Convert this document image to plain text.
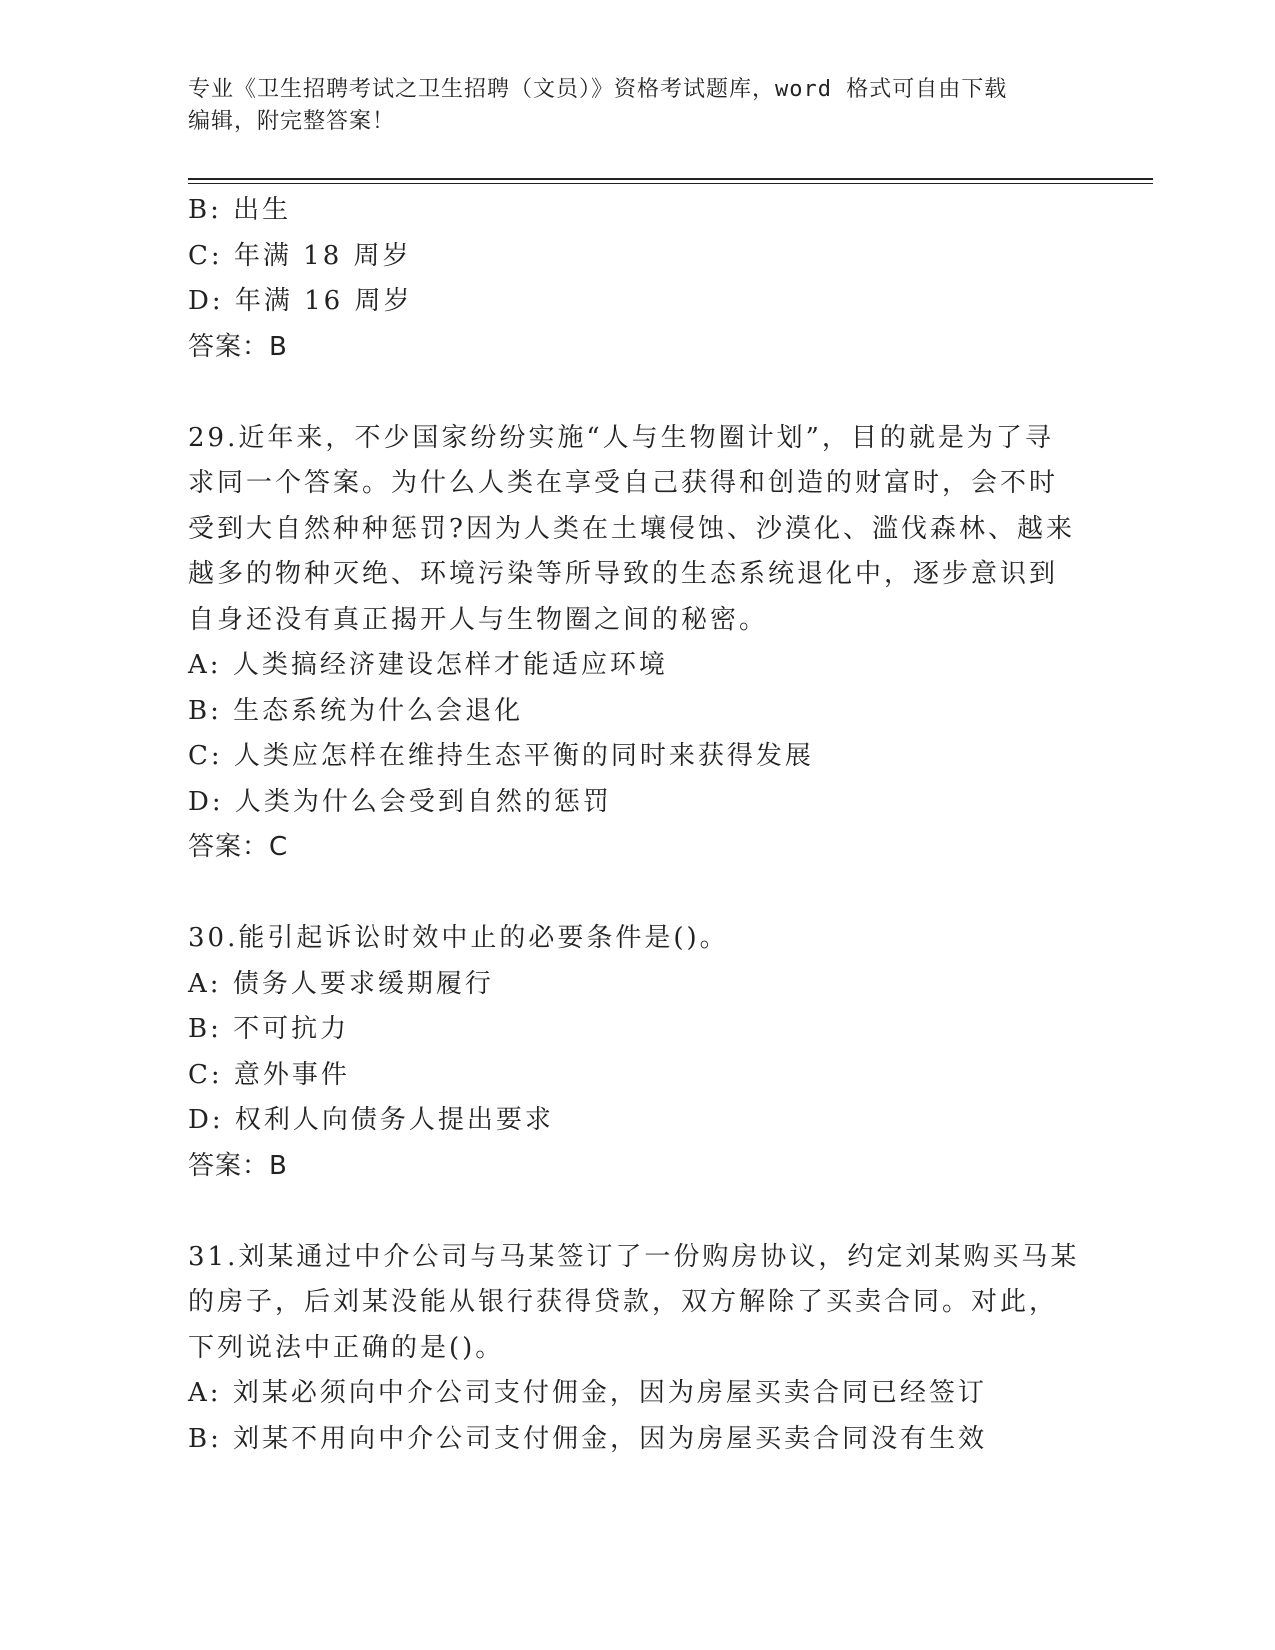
专业《卫生招聘考试之卫生招聘（文员）》资格考试题库，word 格式可自由下载
编辑，附完整答案！
B: 出生
C: 年满 18 周岁
D: 年满 16 周岁
答案：B
29.近年来，不少国家纷纷实施“人与生物圈计划”，目的就是为了寻
求同一个答案。为什么人类在享受自己获得和创造的财富时，会不时
受到大自然种种惩罚?因为人类在土壤侵蚀、沙漠化、滥伐森林、越来
越多的物种灭绝、环境污染等所导致的生态系统退化中，逐步意识到
自身还没有真正揭开人与生物圈之间的秘密。
A: 人类搞经济建设怎样才能适应环境
B: 生态系统为什么会退化
C: 人类应怎样在维持生态平衡的同时来获得发展
D: 人类为什么会受到自然的惩罚
答案：C
30.能引起诉讼时效中止的必要条件是()。
A: 债务人要求缓期履行
B: 不可抗力
C: 意外事件
D: 权利人向债务人提出要求
答案：B
31.刘某通过中介公司与马某签订了一份购房协议，约定刘某购买马某
的房子，后刘某没能从银行获得贷款，双方解除了买卖合同。对此，
下列说法中正确的是()。
A: 刘某必须向中介公司支付佣金，因为房屋买卖合同已经签订
B: 刘某不用向中介公司支付佣金，因为房屋买卖合同没有生效
